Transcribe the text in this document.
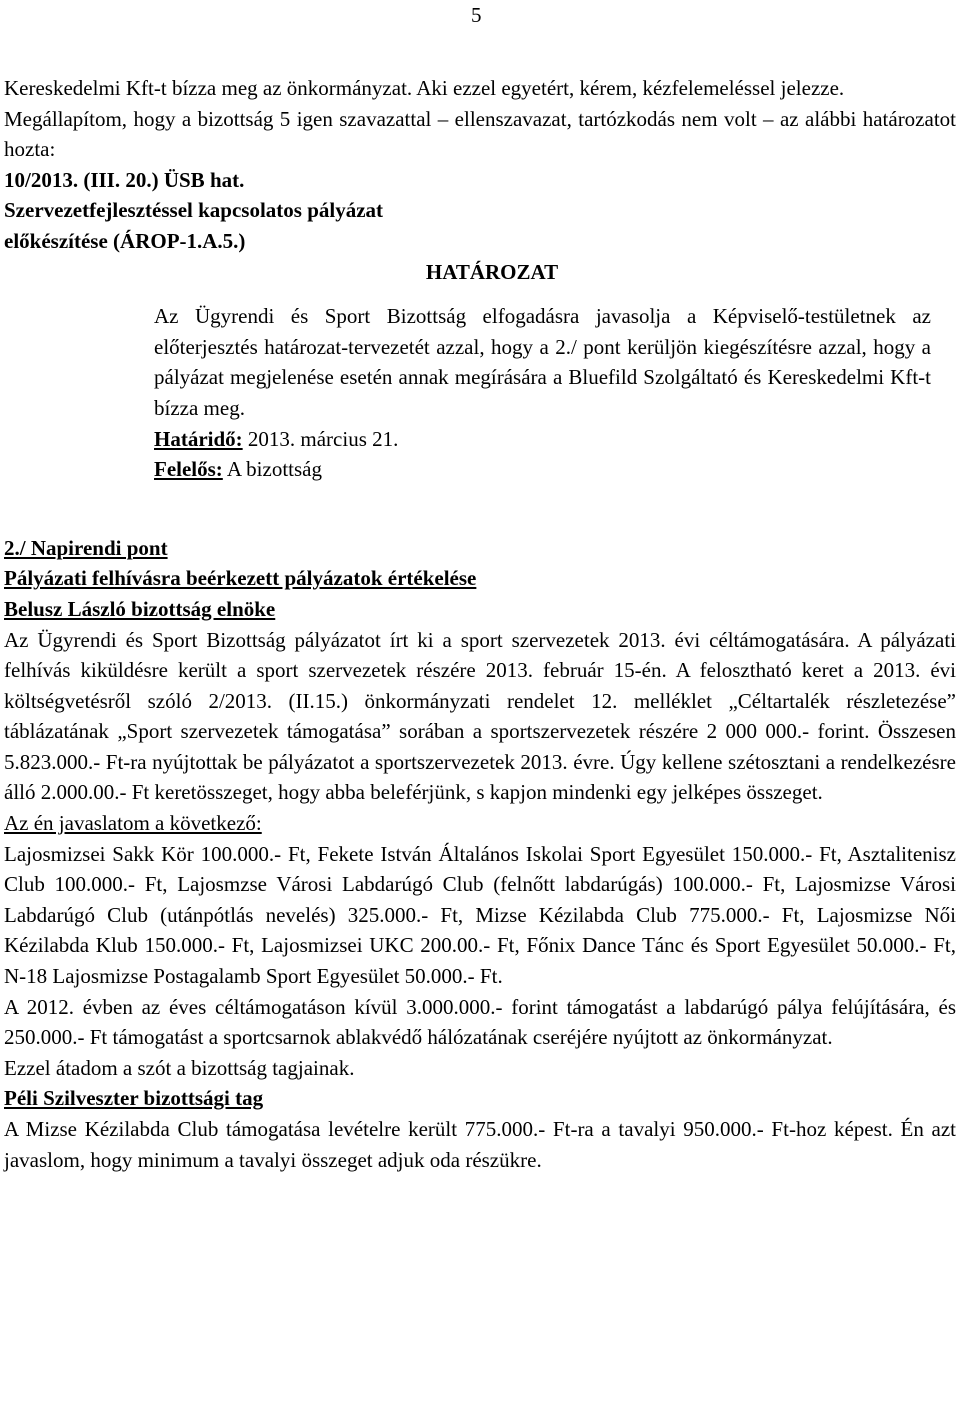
5
Kereskedelmi Kft-t bízza meg az önkormányzat. Aki ezzel egyetért, kérem, kézfelemeléssel jelezze.
Megállapítom, hogy a bizottság 5 igen szavazattal – ellenszavazat, tartózkodás nem volt – az alábbi határozatot hozta:
10/2013. (III. 20.) ÜSB hat.
Szervezetfejlesztéssel kapcsolatos pályázat
előkészítése (ÁROP-1.A.5.)
HATÁROZAT
Az Ügyrendi és Sport Bizottság elfogadásra javasolja a Képviselő-testületnek az előterjesztés határozat-tervezetét azzal, hogy a 2./ pont kerüljön kiegészítésre azzal, hogy a pályázat megjelenése esetén annak megírására a Bluefild Szolgáltató és Kereskedelmi Kft-t bízza meg.
Határidő: 2013. március 21.
Felelős: A bizottság
2./ Napirendi pont
Pályázati felhívásra beérkezett pályázatok értékelése
Belusz László bizottság elnöke
Az Ügyrendi és Sport Bizottság pályázatot írt ki a sport szervezetek 2013. évi céltámogatására. A pályázati felhívás kiküldésre került a sport szervezetek részére 2013. február 15-én. A felosztható keret a 2013. évi költségvetésről szóló 2/2013. (II.15.) önkormányzati rendelet 12. melléklet „Céltartalék részletezése” táblázatának „Sport szervezetek támogatása” sorában a sportszervezetek részére 2 000 000.- forint. Összesen 5.823.000.- Ft-ra nyújtottak be pályázatot a sportszervezetek 2013. évre. Úgy kellene szétosztani a rendelkezésre álló 2.000.00.- Ft keretösszeget, hogy abba beleférjünk, s kapjon mindenki egy jelképes összeget.
Az én javaslatom a következő:
Lajosmizsei Sakk Kör 100.000.- Ft, Fekete István Általános Iskolai Sport Egyesület 150.000.- Ft, Asztalitenisz Club 100.000.- Ft, Lajosmzse Városi Labdarúgó Club (felnőtt labdarúgás) 100.000.- Ft, Lajosmizse Városi Labdarúgó Club (utánpótlás nevelés) 325.000.- Ft, Mizse Kézilabda Club 775.000.- Ft, Lajosmizse Női Kézilabda Klub 150.000.- Ft, Lajosmizsei UKC 200.00.- Ft, Főnix Dance Tánc és Sport Egyesület 50.000.- Ft, N-18 Lajosmizse Postagalamb Sport Egyesület 50.000.- Ft.
A 2012. évben az éves céltámogatáson kívül 3.000.000.- forint támogatást a labdarúgó pálya felújítására, és 250.000.- Ft támogatást a sportcsarnok ablakvédő hálózatának cseréjére nyújtott az önkormányzat.
Ezzel átadom a szót a bizottság tagjainak.
Péli Szilveszter bizottsági tag
A Mizse Kézilabda Club támogatása levételre került 775.000.- Ft-ra a tavalyi 950.000.- Ft-hoz képest. Én azt javaslom, hogy minimum a tavalyi összeget adjuk oda részükre.
